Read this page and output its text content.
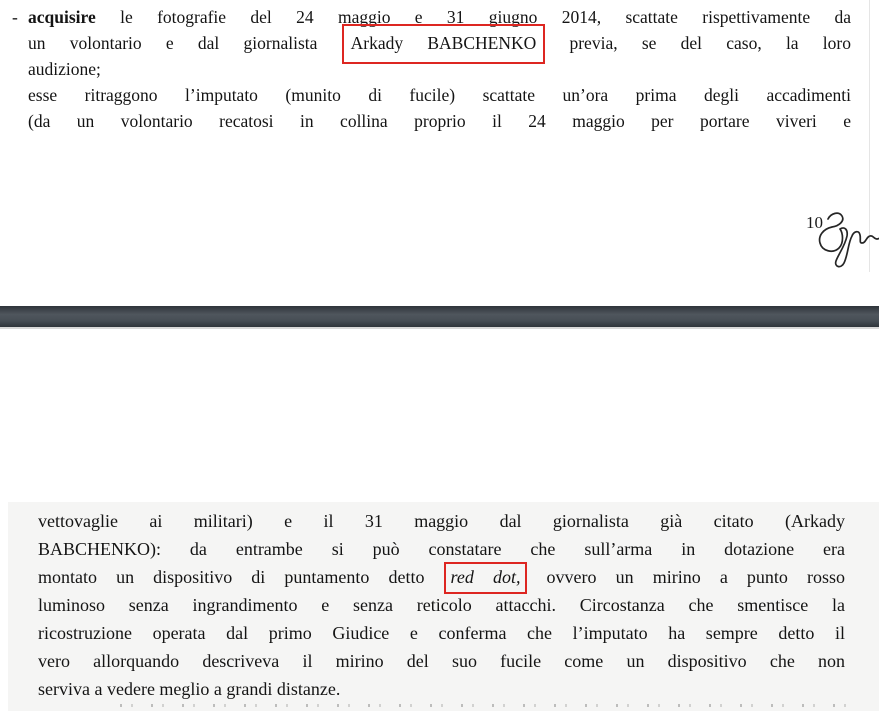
- acquisire le fotografie del 24 maggio e 31 giugno 2014, scattate rispettivamente da
un volontario e dal giornalista Arkady BABCHENKO previa, se del caso, la loro
audizione;
esse ritraggono l’imputato (munito di fucile) scattate un’ora prima degli accadimenti
(da un volontario recatosi in collina proprio il 24 maggio per portare viveri e
10
vettovaglie ai militari) e il 31 maggio dal giornalista già citato (Arkady
BABCHENKO): da entrambe si può constatare che sull’arma in dotazione era
montato un dispositivo di puntamento detto red dot, ovvero un mirino a punto rosso
luminoso senza ingrandimento e senza reticolo attacchi. Circostanza che smentisce la
ricostruzione operata dal primo Giudice e conferma che l’imputato ha sempre detto il
vero allorquando descriveva il mirino del suo fucile come un dispositivo che non
serviva a vedere meglio a grandi distanze.
